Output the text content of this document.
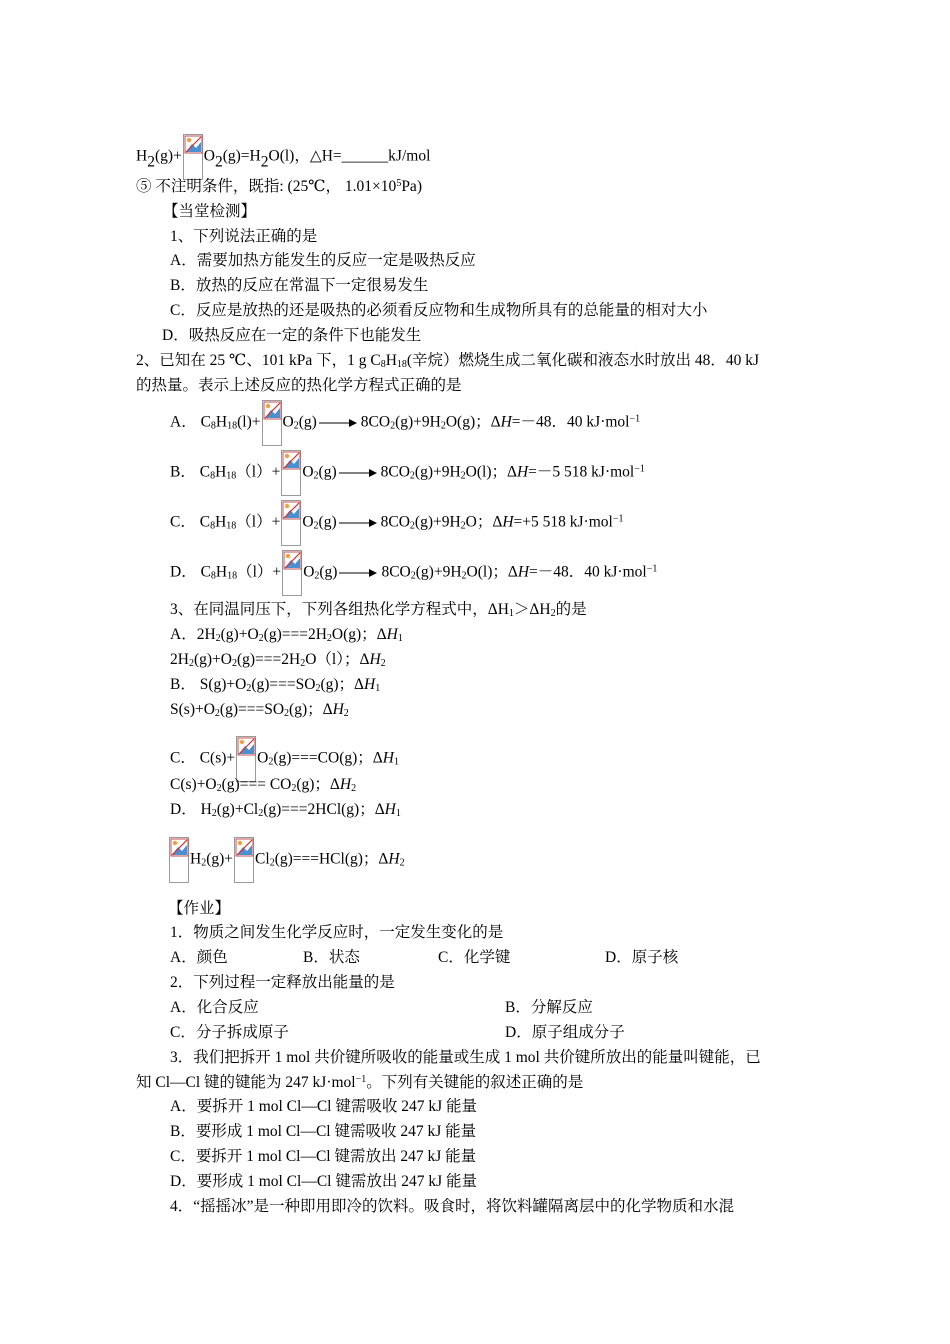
$H_2(g)+ O_2(g)=H_2O(l)$，△H=______kJ/mol
⑤ 不注明条件，既指: (25℃， $1.01\times 10^5Pa$)
【当堂检测】
1、下列说法正确的是
A．需要加热方能发生的反应一定是吸热反应
B．放热的反应在常温下一定很易发生
C．反应是放热的还是吸热的必须看反应物和生成物所具有的总能量的相对大小
D．吸热反应在一定的条件下也能发生
2、已知在 25 ℃、101 kPa 下，1 g $C_8H_{18}$(辛烷）燃烧生成二氧化碳和液态水时放出 48．40 kJ
的热量。表示上述反应的热化学方程式正确的是
A． $C_8H_{18}(l)+ O_2(g)$	$8CO_2(g)+9H_2O(g)$；ΔH=－48．40 kJ·mol$^{-1}$
B． $C_8H_{18}(l)+ O_2(g)$	$8CO_2(g)+9H_2O(l)$；ΔH=－5 518 kJ·mol$^{-1}$
C． $C_8H_{18}(l)+ O_2(g)$	$8CO_2(g)+9H_2O$；ΔH=+5 518 kJ·mol$^{-1}$
D． $C_8H_{18}(l)+ O_2(g)$	$8CO_2(g)+9H_2O(l)$；ΔH=－48．40 kJ·mol$^{-1}$
3、在同温同压下，下列各组热化学方程式中，$\Delta H_1>\Delta H_2$的是
A．$2H_2(g)+O_2(g)===2H_2O(g)$；$\Delta H_1$
$2H_2(g)+O_2(g)===2H_2O(l)$；$\Delta H_2$
B． $S(g)+O_2(g)===SO_2(g)$；$\Delta H_1$
$S(s)+O_2(g)===SO_2(g)$；$\Delta H_2$
C． $C(s)+ O_2(g)===CO(g)$；$\Delta H_1$
$C(s)+O_2(g)=== CO_2(g)$；$\Delta H_2$
D． $H_2(g)+Cl_2(g)===2HCl(g)$；$\Delta H_1$
$H_2(g)+ Cl_2(g)===HCl(g)$；$\Delta H_2$
【作业】
1．物质之间发生化学反应时，一定发生变化的是
A．颜色	B．状态	C．化学键	D．原子核
2．下列过程一定释放出能量的是
A．化合反应	B．分解反应
C．分子拆成原子	D．原子组成分子
3．我们把拆开 1 mol 共价键所吸收的能量或生成 1 mol 共价键所放出的能量叫键能，已
知 Cl—Cl 键的键能为 247 kJ·mol$^{-1}$。下列有关键能的叙述正确的是
A．要拆开 1 mol Cl—Cl 键需吸收 247 kJ 能量
B．要形成 1 mol Cl—Cl 键需吸收 247 kJ 能量
C．要拆开 1 mol Cl—Cl 键需放出 247 kJ 能量
D．要形成 1 mol Cl—Cl 键需放出 247 kJ 能量
4．“摇摇冰”是一种即用即冷的饮料。吸食时，将饮料罐隔离层中的化学物质和水混
